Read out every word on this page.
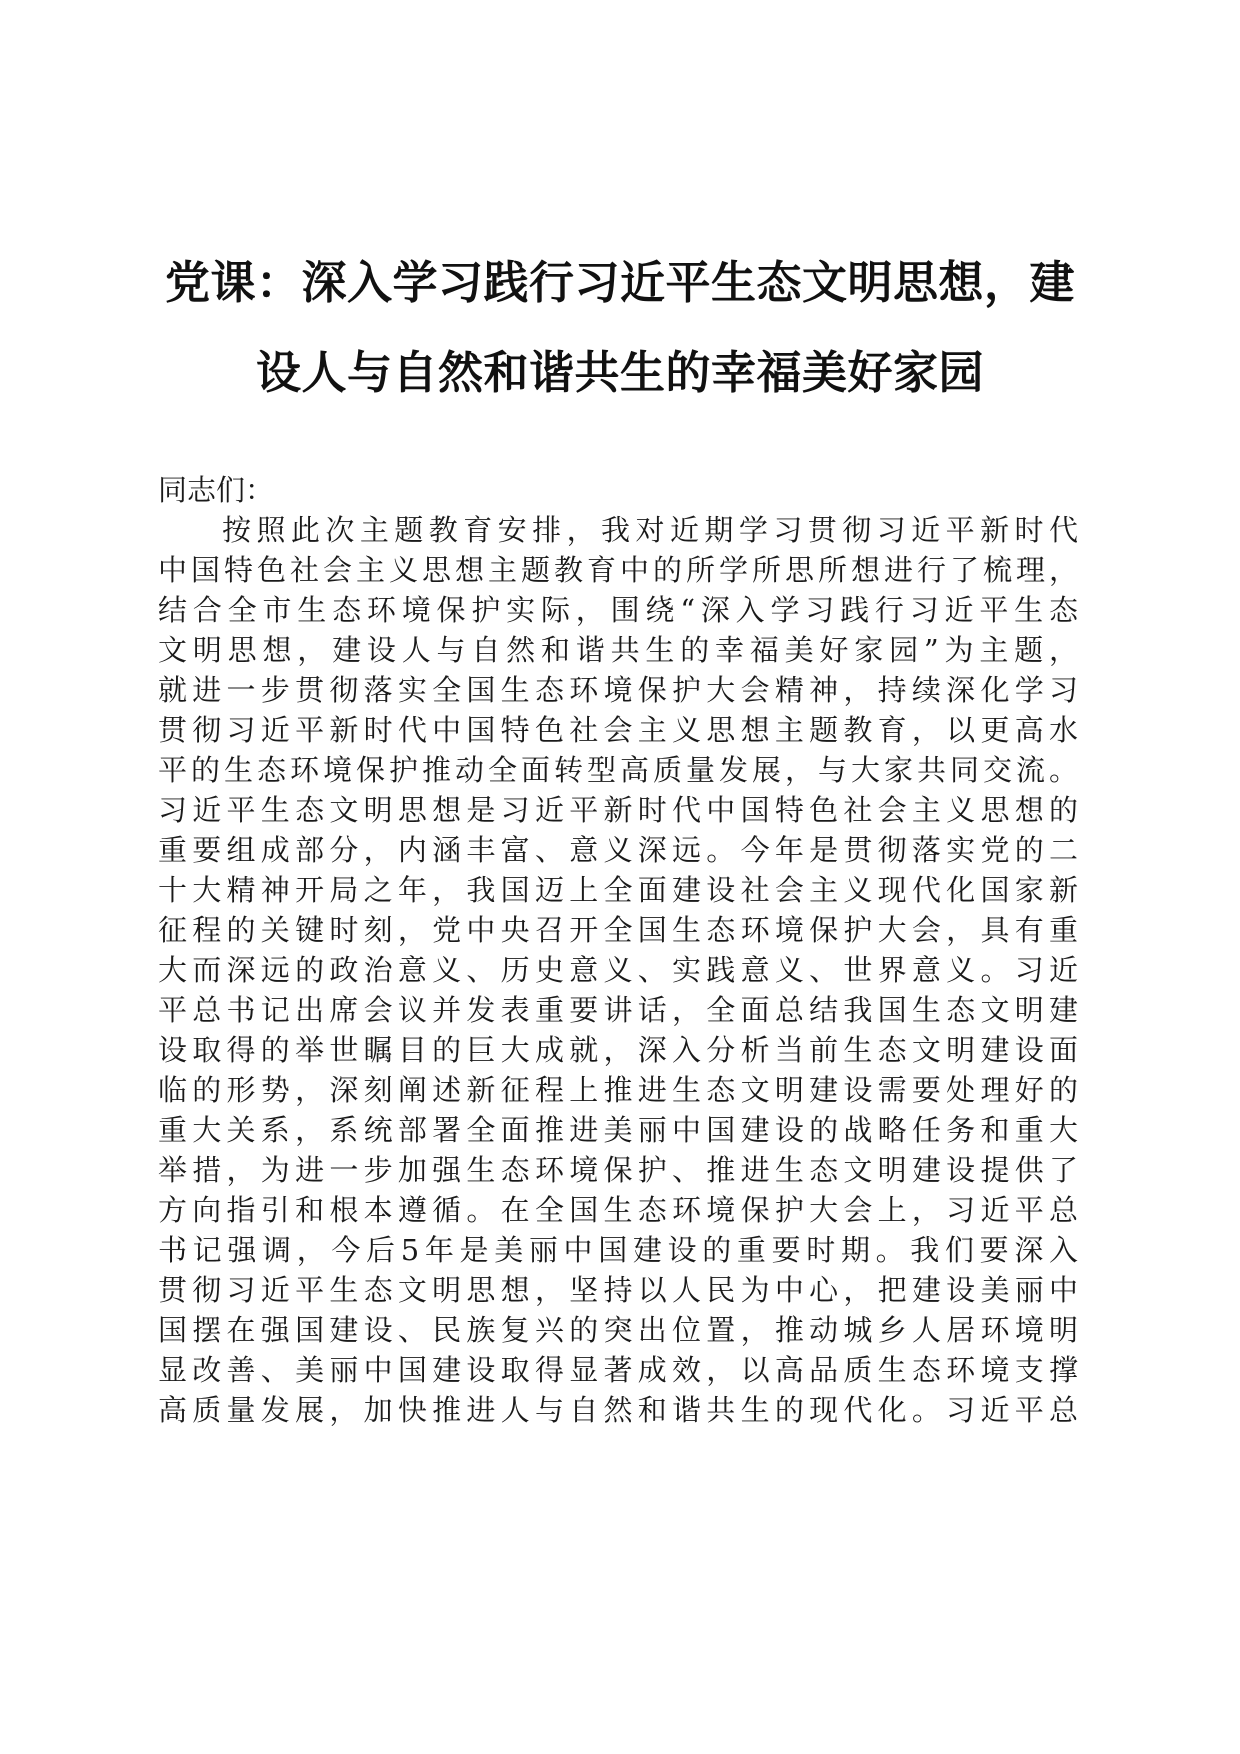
党课：深入学习践行习近平生态文明思想，建
设人与自然和谐共生的幸福美好家园
同志们：
按照此次主题教育安排，我对近期学习贯彻习近平新时代
中国特色社会主义思想主题教育中的所学所思所想进行了梳理，
结合全市生态环境保护实际，围绕“深入学习践行习近平生态
文明思想，建设人与自然和谐共生的幸福美好家园”为主题，
就进一步贯彻落实全国生态环境保护大会精神，持续深化学习
贯彻习近平新时代中国特色社会主义思想主题教育，以更高水
平的生态环境保护推动全面转型高质量发展，与大家共同交流。
习近平生态文明思想是习近平新时代中国特色社会主义思想的
重要组成部分，内涵丰富、意义深远。今年是贯彻落实党的二
十大精神开局之年，我国迈上全面建设社会主义现代化国家新
征程的关键时刻，党中央召开全国生态环境保护大会，具有重
大而深远的政治意义、历史意义、实践意义、世界意义。习近
平总书记出席会议并发表重要讲话，全面总结我国生态文明建
设取得的举世瞩目的巨大成就，深入分析当前生态文明建设面
临的形势，深刻阐述新征程上推进生态文明建设需要处理好的
重大关系，系统部署全面推进美丽中国建设的战略任务和重大
举措，为进一步加强生态环境保护、推进生态文明建设提供了
方向指引和根本遵循。在全国生态环境保护大会上，习近平总
书记强调，今后5年是美丽中国建设的重要时期。我们要深入
贯彻习近平生态文明思想，坚持以人民为中心，把建设美丽中
国摆在强国建设、民族复兴的突出位置，推动城乡人居环境明
显改善、美丽中国建设取得显著成效，以高品质生态环境支撑
高质量发展，加快推进人与自然和谐共生的现代化。习近平总
